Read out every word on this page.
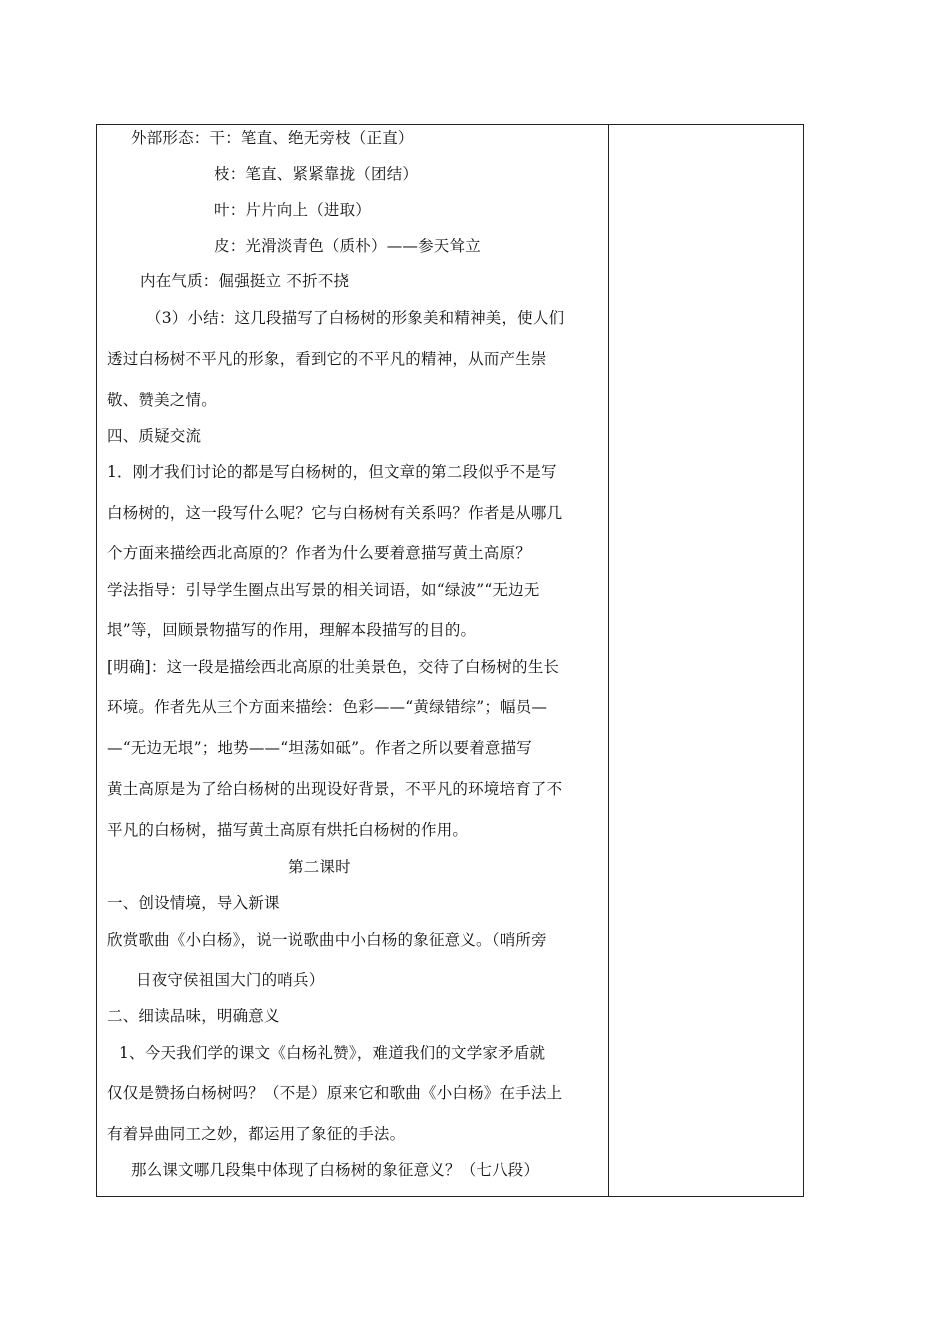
外部形态：干：笔直、绝无旁枝（正直）
枝：笔直、紧紧靠拢（团结）
叶：片片向上（进取）
皮：光滑淡青色（质朴）——参天耸立
内在气质：倔强挺立 不折不挠
（3）小结：这几段描写了白杨树的形象美和精神美，使人们
透过白杨树不平凡的形象，看到它的不平凡的精神，从而产生崇
敬、赞美之情。
四、质疑交流
1．刚才我们讨论的都是写白杨树的，但文章的第二段似乎不是写
白杨树的，这一段写什么呢？它与白杨树有关系吗？作者是从哪几
个方面来描绘西北高原的？作者为什么要着意描写黄土高原？
学法指导：引导学生圈点出写景的相关词语，如“绿波”“无边无
垠”等，回顾景物描写的作用，理解本段描写的目的。
[明确]：这一段是描绘西北高原的壮美景色，交待了白杨树的生长
环境。作者先从三个方面来描绘：色彩——“黄绿错综”；幅员—
—“无边无垠”；地势——“坦荡如砥”。作者之所以要着意描写
黄土高原是为了给白杨树的出现设好背景，不平凡的环境培育了不
平凡的白杨树，描写黄土高原有烘托白杨树的作用。
第二课时
一、创设情境，导入新课
欣赏歌曲《小白杨》，说一说歌曲中小白杨的象征意义。（哨所旁
日夜守侯祖国大门的哨兵）
二、细读品味，明确意义
1、今天我们学的课文《白杨礼赞》，难道我们的文学家矛盾就
仅仅是赞扬白杨树吗？（不是）原来它和歌曲《小白杨》在手法上
有着异曲同工之妙，都运用了象征的手法。
那么课文哪几段集中体现了白杨树的象征意义？（七八段）
